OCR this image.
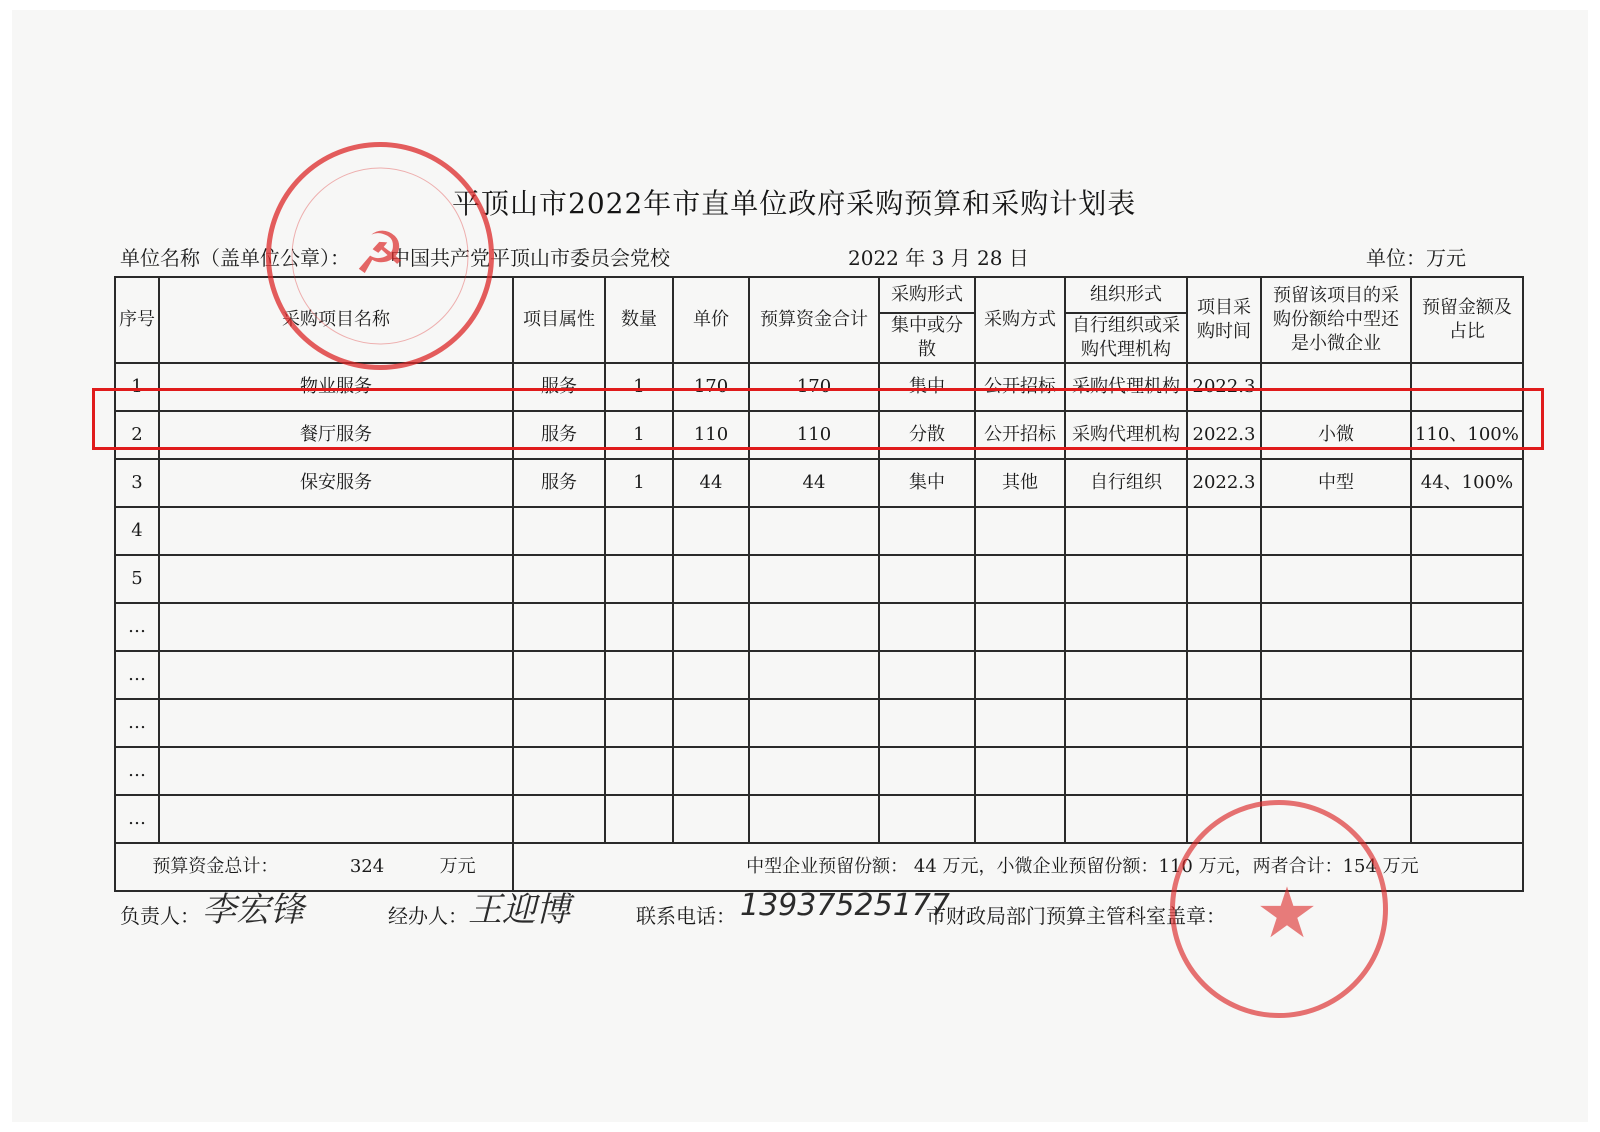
平顶山市2022年市直单位政府采购预算和采购计划表
单位名称（盖单位公章）： 中国共产党平顶山市委员会党校	2022 年 3 月 28 日	单位：万元
序号	采购项目名称	项目属性	数量	单价	预算资金合计	采购形式	采购方式	组织形式	项目采购时间	预留该项目的采购份额给中型还是小微企业	预留金额及占比
						集中或分散		自行组织或采购代理机构			
1	物业服务	服务	1	170	170	集中	公开招标	采购代理机构	2022.3		
2	餐厅服务	服务	1	110	110	分散	公开招标	采购代理机构	2022.3	小微	110、100%
3	保安服务	服务	1	44	44	集中	其他	自行组织	2022.3	中型	44、100%
4											
5											
…											
…											
…											
…											
…											
预算资金总计： 324 万元		中型企业预留份额： 44 万元，小微企业预留份额：110 万元，两者合计：154 万元									
负责人： 李宏锋	经办人： 王迎博	联系电话： 13937525177
市财政局部门预算主管科室盖章：
☭
★
